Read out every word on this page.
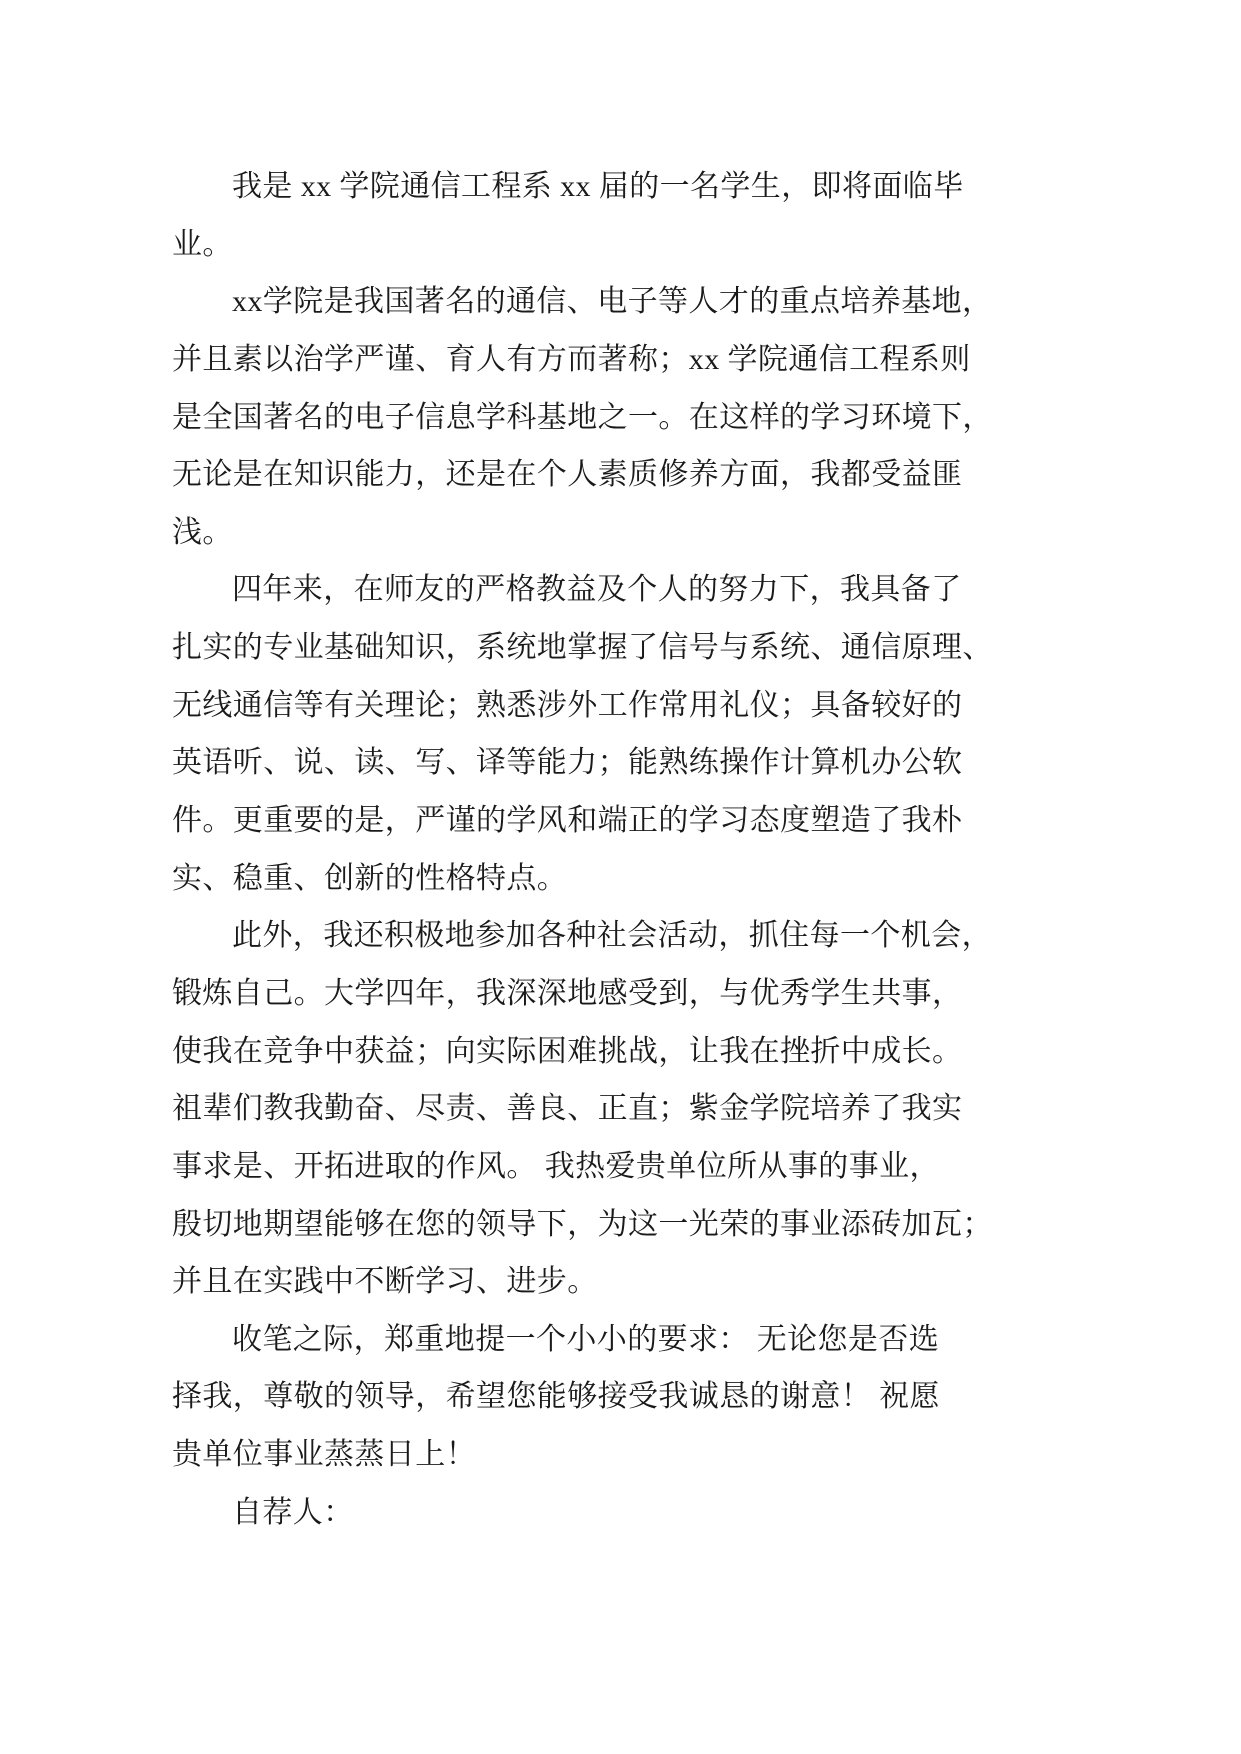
我是 xx 学院通信工程系 xx 届的一名学生，即将面临毕
业。
xx学院是我国著名的通信、电子等人才的重点培养基地，
并且素以治学严谨、育人有方而著称；xx 学院通信工程系则
是全国著名的电子信息学科基地之一。在这样的学习环境下，
无论是在知识能力，还是在个人素质修养方面，我都受益匪
浅。
四年来，在师友的严格教益及个人的努力下，我具备了
扎实的专业基础知识，系统地掌握了信号与系统、通信原理、
无线通信等有关理论；熟悉涉外工作常用礼仪；具备较好的
英语听、说、读、写、译等能力；能熟练操作计算机办公软
件。更重要的是，严谨的学风和端正的学习态度塑造了我朴
实、稳重、创新的性格特点。
此外，我还积极地参加各种社会活动，抓住每一个机会，
锻炼自己。大学四年，我深深地感受到，与优秀学生共事，
使我在竞争中获益；向实际困难挑战，让我在挫折中成长。
祖辈们教我勤奋、尽责、善良、正直；紫金学院培养了我实
事求是、开拓进取的作风。 我热爱贵单位所从事的事业，
殷切地期望能够在您的领导下，为这一光荣的事业添砖加瓦；
并且在实践中不断学习、进步。
收笔之际，郑重地提一个小小的要求： 无论您是否选
择我，尊敬的领导，希望您能够接受我诚恳的谢意！ 祝愿
贵单位事业蒸蒸日上！
自荐人：
